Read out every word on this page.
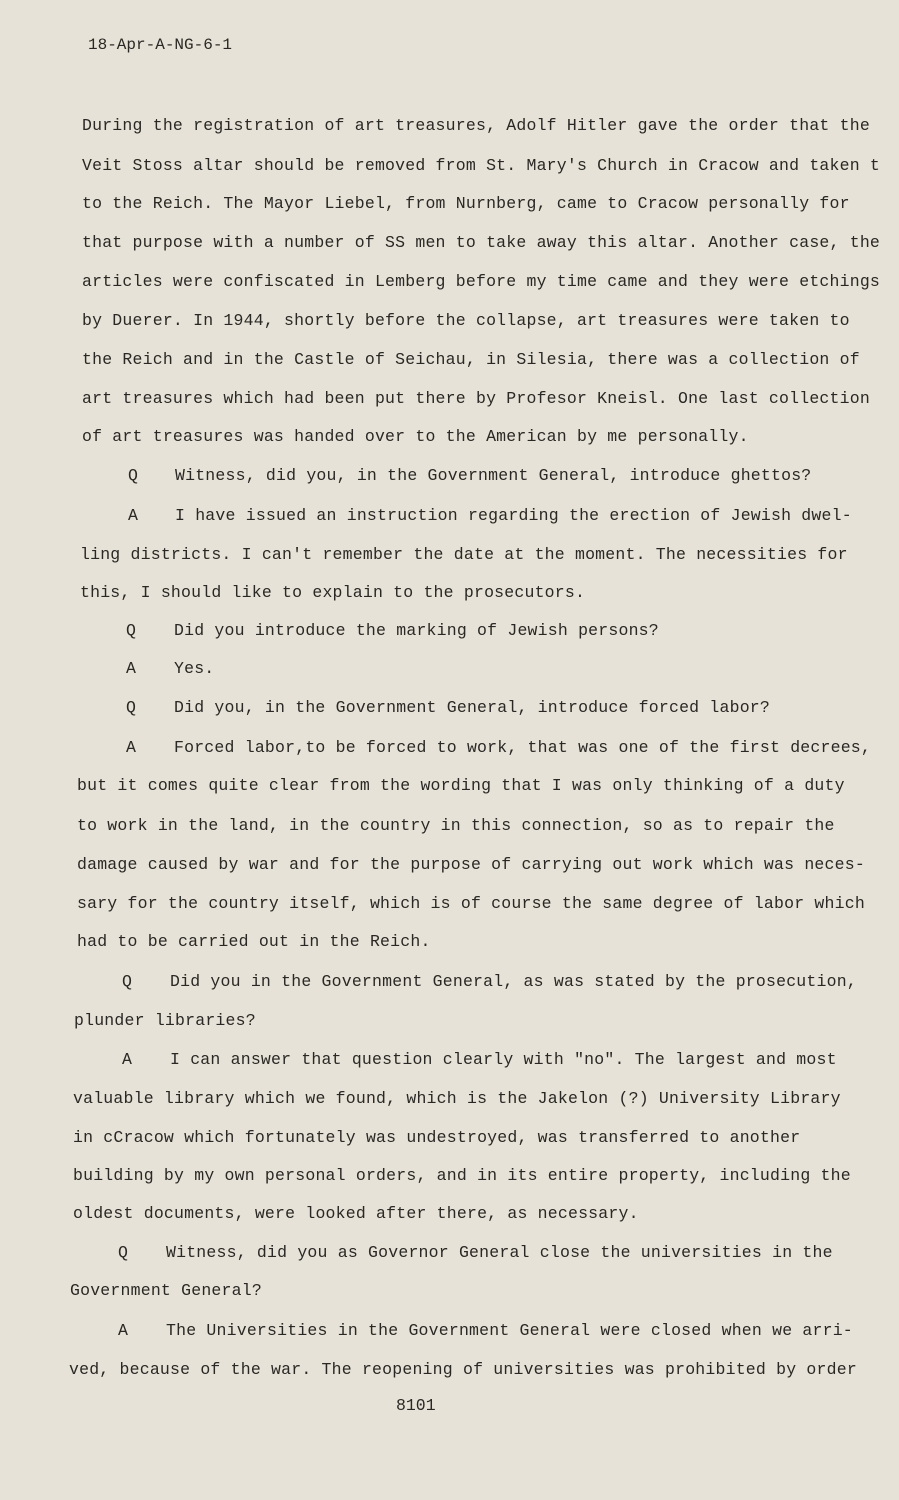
18-Apr-A-NG-6-1
During the registration of art treasures, Adolf Hitler gave the order that the
Veit Stoss altar should be removed from St. Mary's Church in Cracow and taken t
to the Reich. The Mayor Liebel, from Nurnberg, came to Cracow personally for
that purpose with a number of SS men to take away this altar. Another case, the
articles were confiscated in Lemberg before my time came and they were etchings
by Duerer. In 1944, shortly before the collapse, art treasures were taken to
the Reich and in the Castle of Seichau, in Silesia, there was a collection of
art treasures which had been put there by Profesor Kneisl. One last collection
of art treasures was handed over to the American by me personally.
Q Witness, did you, in the Government General, introduce ghettos?
A I have issued an instruction regarding the erection of Jewish dwel-
ling districts. I can't remember the date at the moment. The necessities for
this, I should like to explain to the prosecutors.
Q Did you introduce the marking of Jewish persons?
A Yes.
Q Did you, in the Government General, introduce forced labor?
A Forced labor,to be forced to work, that was one of the first decrees,
but it comes quite clear from the wording that I was only thinking of a duty
to work in the land, in the country in this connection, so as to repair the
damage caused by war and for the purpose of carrying out work which was neces-
sary for the country itself, which is of course the same degree of labor which
had to be carried out in the Reich.
Q Did you in the Government General, as was stated by the prosecution,
plunder libraries?
A I can answer that question clearly with "no". The largest and most
valuable library which we found, which is the Jakelon (?) University Library
in cCracow which fortunately was undestroyed, was transferred to another
building by my own personal orders, and in its entire property, including the
oldest documents, were looked after there, as necessary.
Q Witness, did you as Governor General close the universities in the
Government General?
A The Universities in the Government General were closed when we arri-
ved, because of the war. The reopening of universities was prohibited by order
8101
